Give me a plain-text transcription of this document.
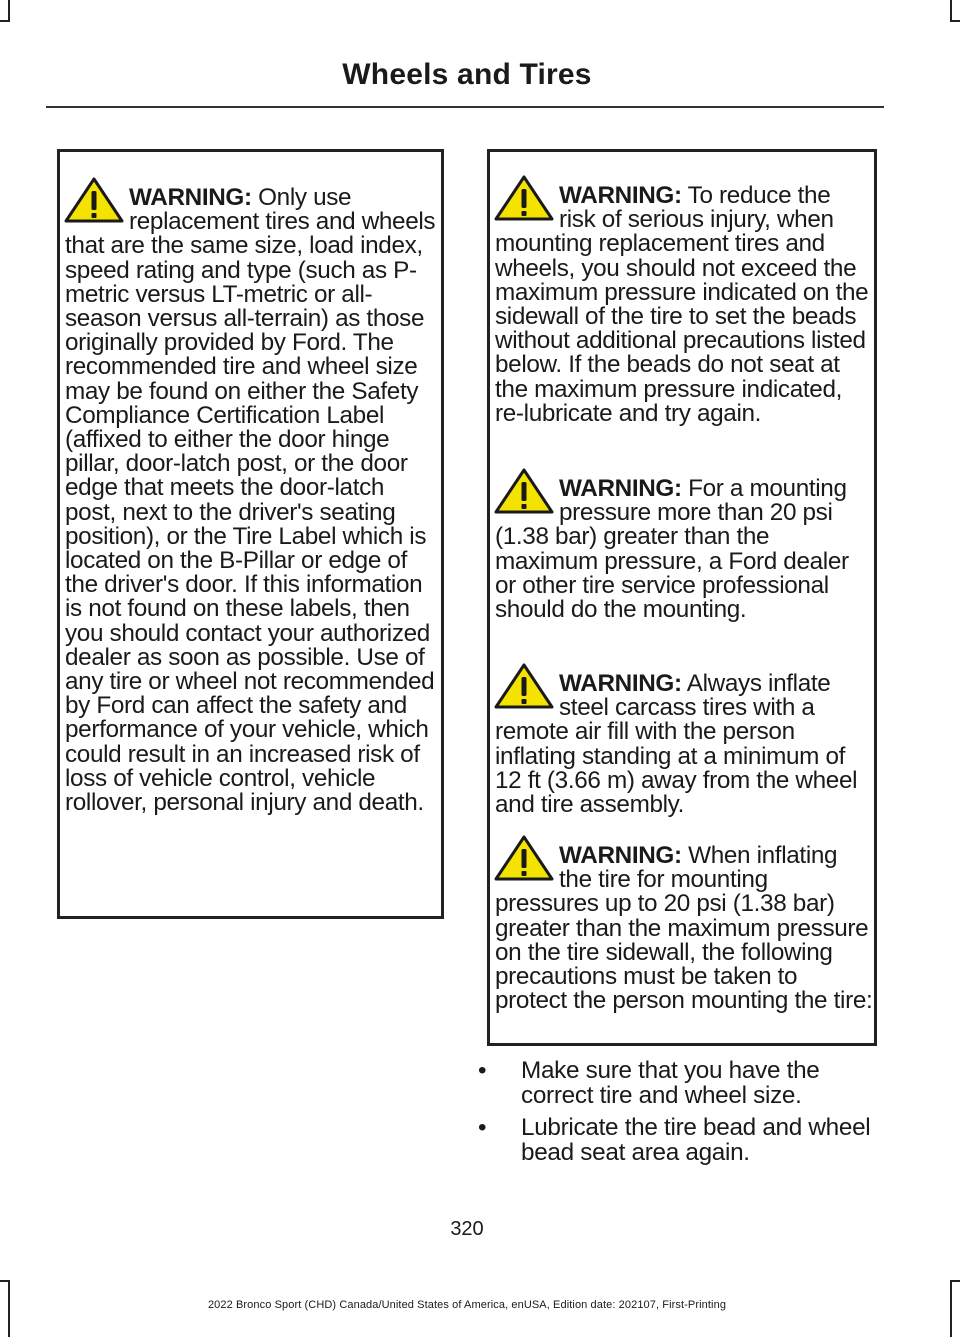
Wheels and Tires

WARNING: Only use replacement tires and wheels that are the same size, load index, speed rating and type (such as P-metric versus LT-metric or all-season versus all-terrain) as those originally provided by Ford. The recommended tire and wheel size may be found on either the Safety Compliance Certification Label (affixed to either the door hinge pillar, door-latch post, or the door edge that meets the door-latch post, next to the driver's seating position), or the Tire Label which is located on the B-Pillar or edge of the driver's door. If this information is not found on these labels, then you should contact your authorized dealer as soon as possible. Use of any tire or wheel not recommended by Ford can affect the safety and performance of your vehicle, which could result in an increased risk of loss of vehicle control, vehicle rollover, personal injury and death.

WARNING: To reduce the risk of serious injury, when mounting replacement tires and wheels, you should not exceed the maximum pressure indicated on the sidewall of the tire to set the beads without additional precautions listed below. If the beads do not seat at the maximum pressure indicated, re-lubricate and try again.

WARNING: For a mounting pressure more than 20 psi (1.38 bar) greater than the maximum pressure, a Ford dealer or other tire service professional should do the mounting.

WARNING: Always inflate steel carcass tires with a remote air fill with the person inflating standing at a minimum of 12 ft (3.66 m) away from the wheel and tire assembly.

WARNING: When inflating the tire for mounting pressures up to 20 psi (1.38 bar) greater than the maximum pressure on the tire sidewall, the following precautions must be taken to protect the person mounting the tire:

• Make sure that you have the correct tire and wheel size.
• Lubricate the tire bead and wheel bead seat area again.
320
2022 Bronco Sport (CHD) Canada/United States of America, enUSA, Edition date: 202107, First-Printing
